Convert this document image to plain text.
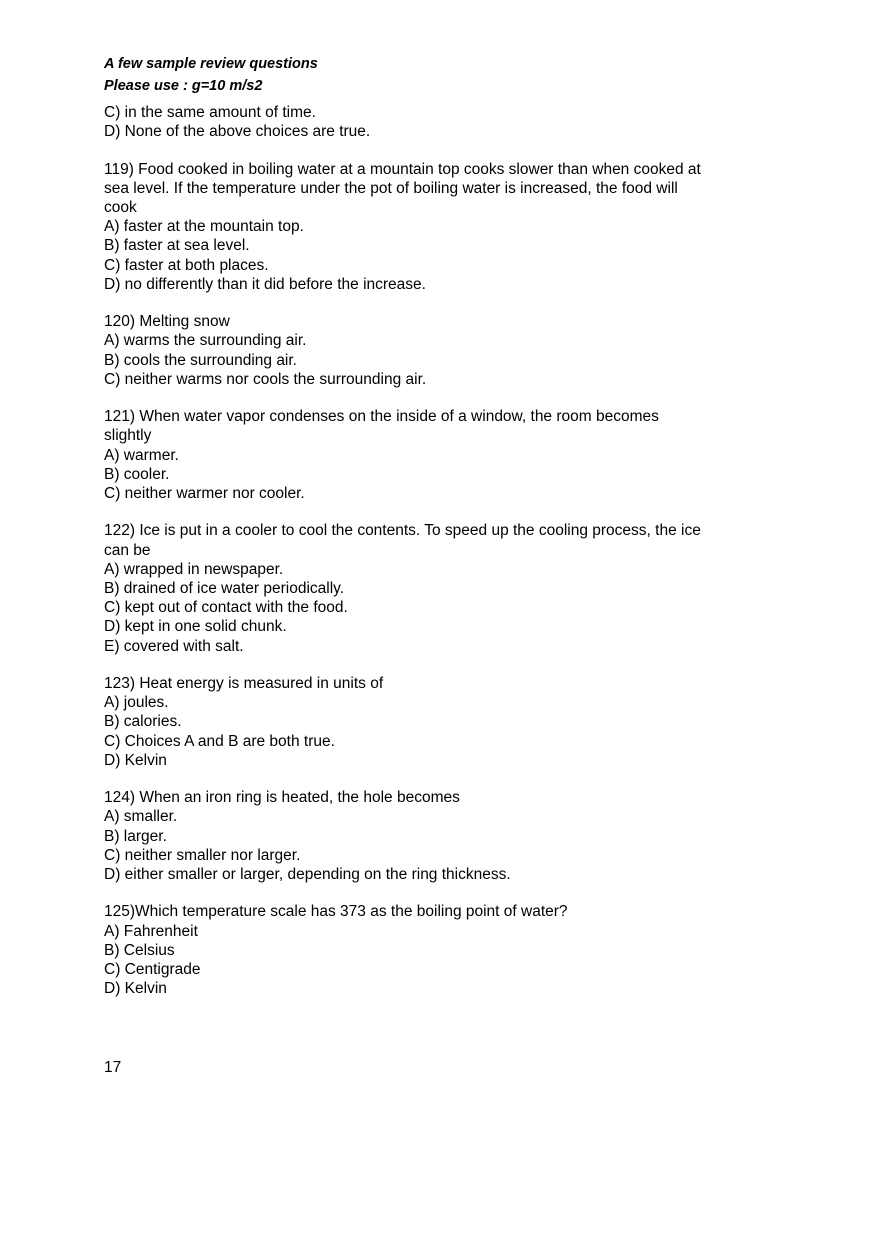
A few sample review questions
Please use : g=10 m/s2
C) in the same amount of time.
D) None of the above choices are true.
119) Food cooked in boiling water at a mountain top cooks slower than when cooked at
sea level. If the temperature under the pot of boiling water is increased, the food will
cook
A) faster at the mountain top.
B) faster at sea level.
C) faster at both places.
D) no differently than it did before the increase.
120) Melting snow
A) warms the surrounding air.
B) cools the surrounding air.
C) neither warms nor cools the surrounding air.
121) When water vapor condenses on the inside of a window, the room becomes
slightly
A) warmer.
B) cooler.
C) neither warmer nor cooler.
122) Ice is put in a cooler to cool the contents. To speed up the cooling process, the ice
can be
A) wrapped in newspaper.
B) drained of ice water periodically.
C) kept out of contact with the food.
D) kept in one solid chunk.
E) covered with salt.
123) Heat energy is measured in units of
A) joules.
B) calories.
C) Choices A and B are both true.
D) Kelvin
124) When an iron ring is heated, the hole becomes
A) smaller.
B) larger.
C) neither smaller nor larger.
D) either smaller or larger, depending on the ring thickness.
125)Which temperature scale has 373 as the boiling point of water?
A) Fahrenheit
B) Celsius
C) Centigrade
D) Kelvin
17
